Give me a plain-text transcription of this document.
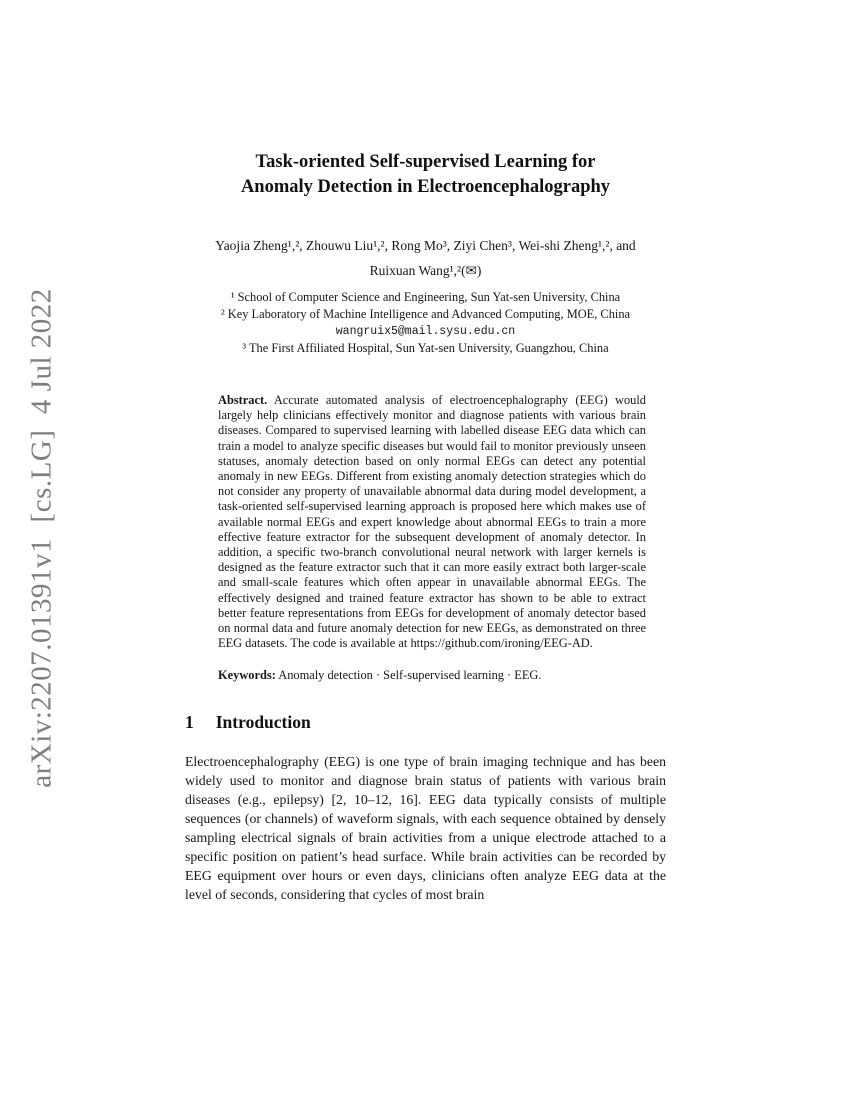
arXiv:2207.01391v1  [cs.LG]  4 Jul 2022
Task-oriented Self-supervised Learning for
Anomaly Detection in Electroencephalography
Yaojia Zheng¹,², Zhouwu Liu¹,², Rong Mo³, Ziyi Chen³, Wei-shi Zheng¹,², and
Ruixuan Wang¹,²(✉)
¹ School of Computer Science and Engineering, Sun Yat-sen University, China
² Key Laboratory of Machine Intelligence and Advanced Computing, MOE, China
wangruix5@mail.sysu.edu.cn
³ The First Affiliated Hospital, Sun Yat-sen University, Guangzhou, China
Abstract. Accurate automated analysis of electroencephalography (EEG) would largely help clinicians effectively monitor and diagnose patients with various brain diseases. Compared to supervised learning with labelled disease EEG data which can train a model to analyze specific diseases but would fail to monitor previously unseen statuses, anomaly detection based on only normal EEGs can detect any potential anomaly in new EEGs. Different from existing anomaly detection strategies which do not consider any property of unavailable abnormal data during model development, a task-oriented self-supervised learning approach is proposed here which makes use of available normal EEGs and expert knowledge about abnormal EEGs to train a more effective feature extractor for the subsequent development of anomaly detector. In addition, a specific two-branch convolutional neural network with larger kernels is designed as the feature extractor such that it can more easily extract both larger-scale and small-scale features which often appear in unavailable abnormal EEGs. The effectively designed and trained feature extractor has shown to be able to extract better feature representations from EEGs for development of anomaly detector based on normal data and future anomaly detection for new EEGs, as demonstrated on three EEG datasets. The code is available at https://github.com/ironing/EEG-AD.
Keywords: Anomaly detection · Self-supervised learning · EEG.
1 Introduction
Electroencephalography (EEG) is one type of brain imaging technique and has been widely used to monitor and diagnose brain status of patients with various brain diseases (e.g., epilepsy) [2, 10–12, 16]. EEG data typically consists of multiple sequences (or channels) of waveform signals, with each sequence obtained by densely sampling electrical signals of brain activities from a unique electrode attached to a specific position on patient’s head surface. While brain activities can be recorded by EEG equipment over hours or even days, clinicians often analyze EEG data at the level of seconds, considering that cycles of most brain
